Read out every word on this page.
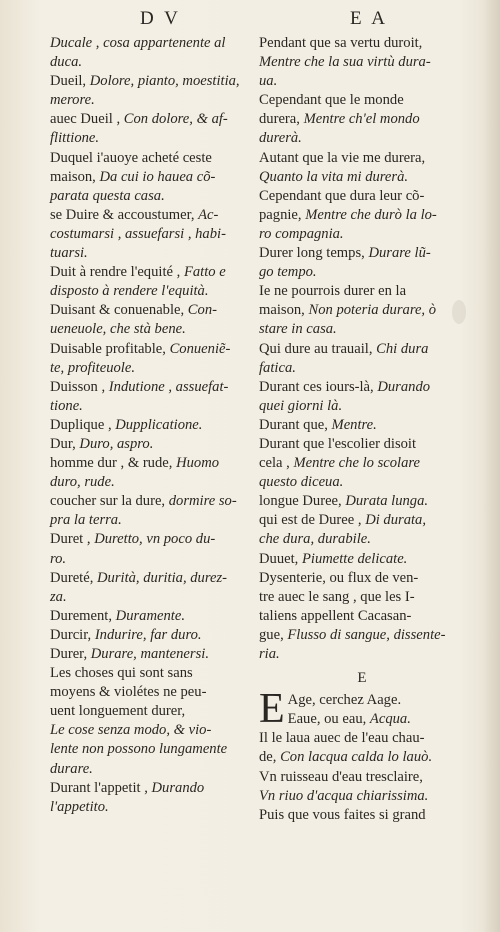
D V	E A

Ducale , cosa appartenente al
duca.

Dueil, Dolore, pianto, moestitia,
merore.

auec Dueil , Con dolore, & af-
flittione.

Duquel i'auoye acheté ceste
maison, Da cui io haueа cõ-
parata questa casa.

se Duire & accoustumer, Ac-
costumarsi , assuefarsi , habi-
tuarsi.

Duit à rendre l'equité , Fatto e
disposto à rendere l'equità.

Duisant & conuenable, Con-
ueneuole, che stà bene.

Duisable profitable, Conueniẽ-
te, profiteuole.

Duisson , Indutione , assuefat-
tione.

Duplique , Dupplicatione.

Dur, Duro, aspro.

homme dur , & rude, Huomo
duro, rude.

coucher sur la dure, dormire so-
pra la terra.

Duret , Duretto, vn poco du-
ro.

Dureté, Durità, duritia, durez-
za.

Durement, Duramente.

Durcir, Indurire, far duro.

Durer, Durare, mantenersi.

Les choses qui sont sans
moyens & violétes ne peu-
uent longuement durer,
Le cose senza modo, & vio-
lente non possono lungamente
durare.

Durant l'appetit , Durando
l'appetito.

Pendant que sa vertu duroit,
Mentre che la sua virtù dura-
ua.

Cependant que le monde
durera, Mentre ch'el mondo
durerà.

Autant que la vie me durera,
Quanto la vita mi durerà.

Cependant que dura leur cõ-
pagnie, Mentre che durò la lo-
ro compagnia.

Durer long temps, Durare lũ-
go tempo.

Ie ne pourrois durer en la
maison, Non poteria durare, ò
stare in casa.

Qui dure au trauail, Chi dura
fatica.

Durant ces iours-là, Durando
quei giorni là.

Durant que, Mentre.

Durant que l'escolier disoit
cela , Mentre che lo scolare
questo diceua.

longue Duree, Durata lunga.

qui est de Duree , Di durata,
che dura, durabile.

Duuet, Piumette delicate.

Dysenterie, ou flux de ven-
tre auec le sang , que les I-
taliens appellent Cacasan-
gue, Flusso di sangue, dissente-
ria.

E
E Age, cerchez Aage.

Eaue, ou eau, Acqua.

Il le laua auec de l'eau chau-
de, Con lacqua calda lo lauò.

Vn ruisseau d'eau tresclaire,
Vn riuo d'acqua chiarissima.

Puis que vous faites si grand
